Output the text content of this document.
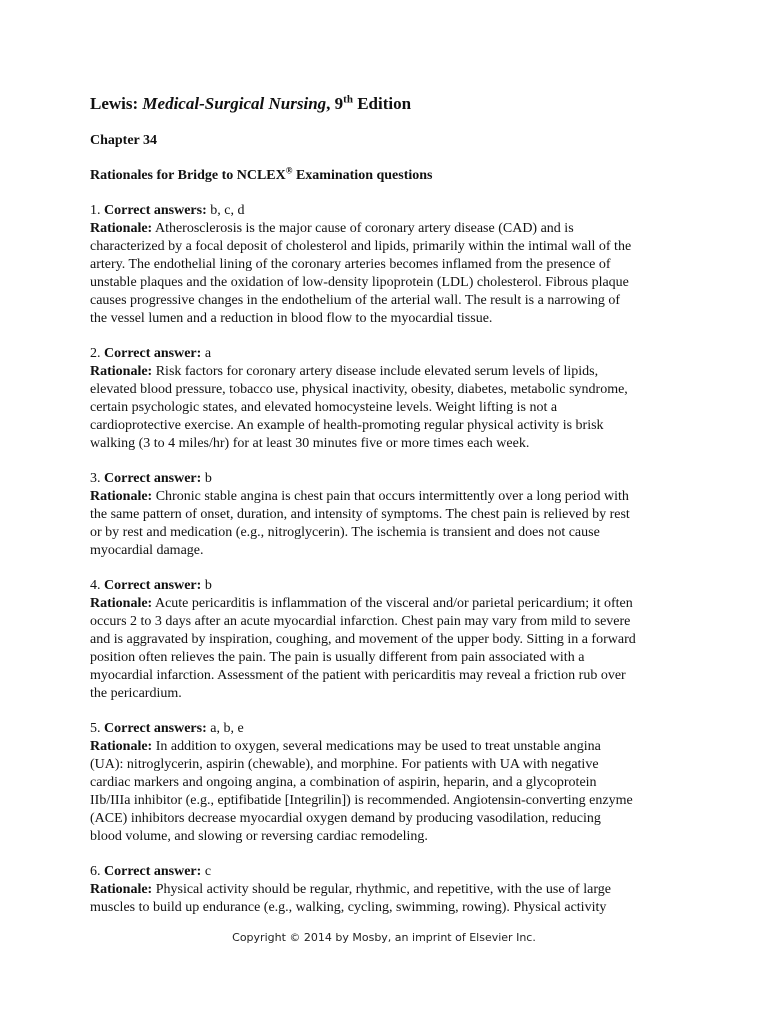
Lewis: Medical-Surgical Nursing, 9th Edition
Chapter 34
Rationales for Bridge to NCLEX® Examination questions
1. Correct answers: b, c, d
Rationale: Atherosclerosis is the major cause of coronary artery disease (CAD) and is
characterized by a focal deposit of cholesterol and lipids, primarily within the intimal wall of the
artery. The endothelial lining of the coronary arteries becomes inflamed from the presence of
unstable plaques and the oxidation of low-density lipoprotein (LDL) cholesterol. Fibrous plaque
causes progressive changes in the endothelium of the arterial wall. The result is a narrowing of
the vessel lumen and a reduction in blood flow to the myocardial tissue.
2. Correct answer: a
Rationale: Risk factors for coronary artery disease include elevated serum levels of lipids,
elevated blood pressure, tobacco use, physical inactivity, obesity, diabetes, metabolic syndrome,
certain psychologic states, and elevated homocysteine levels. Weight lifting is not a
cardioprotective exercise. An example of health-promoting regular physical activity is brisk
walking (3 to 4 miles/hr) for at least 30 minutes five or more times each week.
3. Correct answer: b
Rationale: Chronic stable angina is chest pain that occurs intermittently over a long period with
the same pattern of onset, duration, and intensity of symptoms. The chest pain is relieved by rest
or by rest and medication (e.g., nitroglycerin). The ischemia is transient and does not cause
myocardial damage.
4. Correct answer: b
Rationale: Acute pericarditis is inflammation of the visceral and/or parietal pericardium; it often
occurs 2 to 3 days after an acute myocardial infarction. Chest pain may vary from mild to severe
and is aggravated by inspiration, coughing, and movement of the upper body. Sitting in a forward
position often relieves the pain. The pain is usually different from pain associated with a
myocardial infarction. Assessment of the patient with pericarditis may reveal a friction rub over
the pericardium.
5. Correct answers: a, b, e
Rationale: In addition to oxygen, several medications may be used to treat unstable angina
(UA): nitroglycerin, aspirin (chewable), and morphine. For patients with UA with negative
cardiac markers and ongoing angina, a combination of aspirin, heparin, and a glycoprotein
IIb/IIIa inhibitor (e.g., eptifibatide [Integrilin]) is recommended. Angiotensin-converting enzyme
(ACE) inhibitors decrease myocardial oxygen demand by producing vasodilation, reducing
blood volume, and slowing or reversing cardiac remodeling.
6. Correct answer: c
Rationale: Physical activity should be regular, rhythmic, and repetitive, with the use of large
muscles to build up endurance (e.g., walking, cycling, swimming, rowing). Physical activity
Copyright © 2014 by Mosby, an imprint of Elsevier Inc.
